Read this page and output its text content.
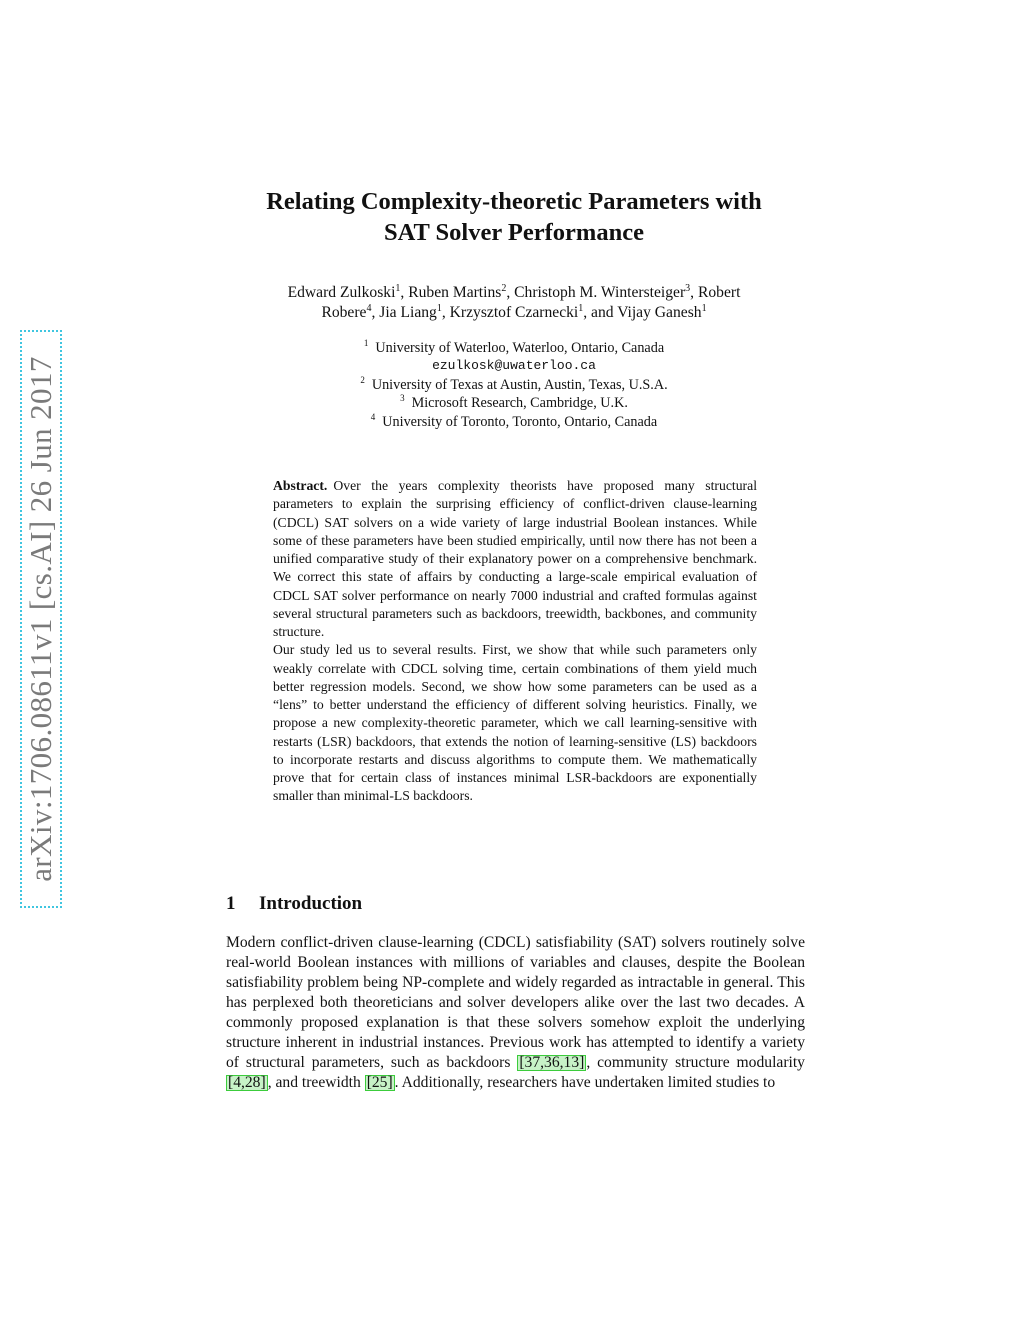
arXiv:1706.08611v1 [cs.AI] 26 Jun 2017
Relating Complexity-theoretic Parameters with
SAT Solver Performance
Edward Zulkoski$^1$, Ruben Martins$^2$, Christoph M. Wintersteiger$^3$, Robert
Robere$^4$, Jia Liang$^1$, Krzysztof Czarnecki$^1$, and Vijay Ganesh$^1$
$^1$ University of Waterloo, Waterloo, Ontario, Canada
ezulkosk@uwaterloo.ca
$^2$ University of Texas at Austin, Austin, Texas, U.S.A.
$^3$ Microsoft Research, Cambridge, U.K.
$^4$ University of Toronto, Toronto, Ontario, Canada

Abstract. Over the years complexity theorists have proposed many structural parameters to explain the surprising efficiency of conflict-driven clause-learning (CDCL) SAT solvers on a wide variety of large industrial Boolean instances. While some of these parameters have been studied empirically, until now there has not been a unified comparative study of their explanatory power on a comprehensive benchmark. We correct this state of affairs by conducting a large-scale empirical evaluation of CDCL SAT solver performance on nearly 7000 industrial and crafted formulas against several structural parameters such as backdoors, treewidth, backbones, and community structure.

Our study led us to several results. First, we show that while such parameters only weakly correlate with CDCL solving time, certain combinations of them yield much better regression models. Second, we show how some parameters can be used as a “lens” to better understand the efficiency of different solving heuristics. Finally, we propose a new complexity-theoretic parameter, which we call learning-sensitive with restarts (LSR) backdoors, that extends the notion of learning-sensitive (LS) backdoors to incorporate restarts and discuss algorithms to compute them. We mathematically prove that for certain class of instances minimal LSR-backdoors are exponentially smaller than minimal-LS backdoors.

1 Introduction

Modern conflict-driven clause-learning (CDCL) satisfiability (SAT) solvers routinely solve real-world Boolean instances with millions of variables and clauses, despite the Boolean satisfiability problem being NP-complete and widely regarded as intractable in general. This has perplexed both theoreticians and solver developers alike over the last two decades. A commonly proposed explanation is that these solvers somehow exploit the underlying structure inherent in industrial instances. Previous work has attempted to identify a variety of structural parameters, such as backdoors [37,36,13] , community structure modularity [4,28] , and treewidth [25] . Additionally, researchers have undertaken limited studies to
